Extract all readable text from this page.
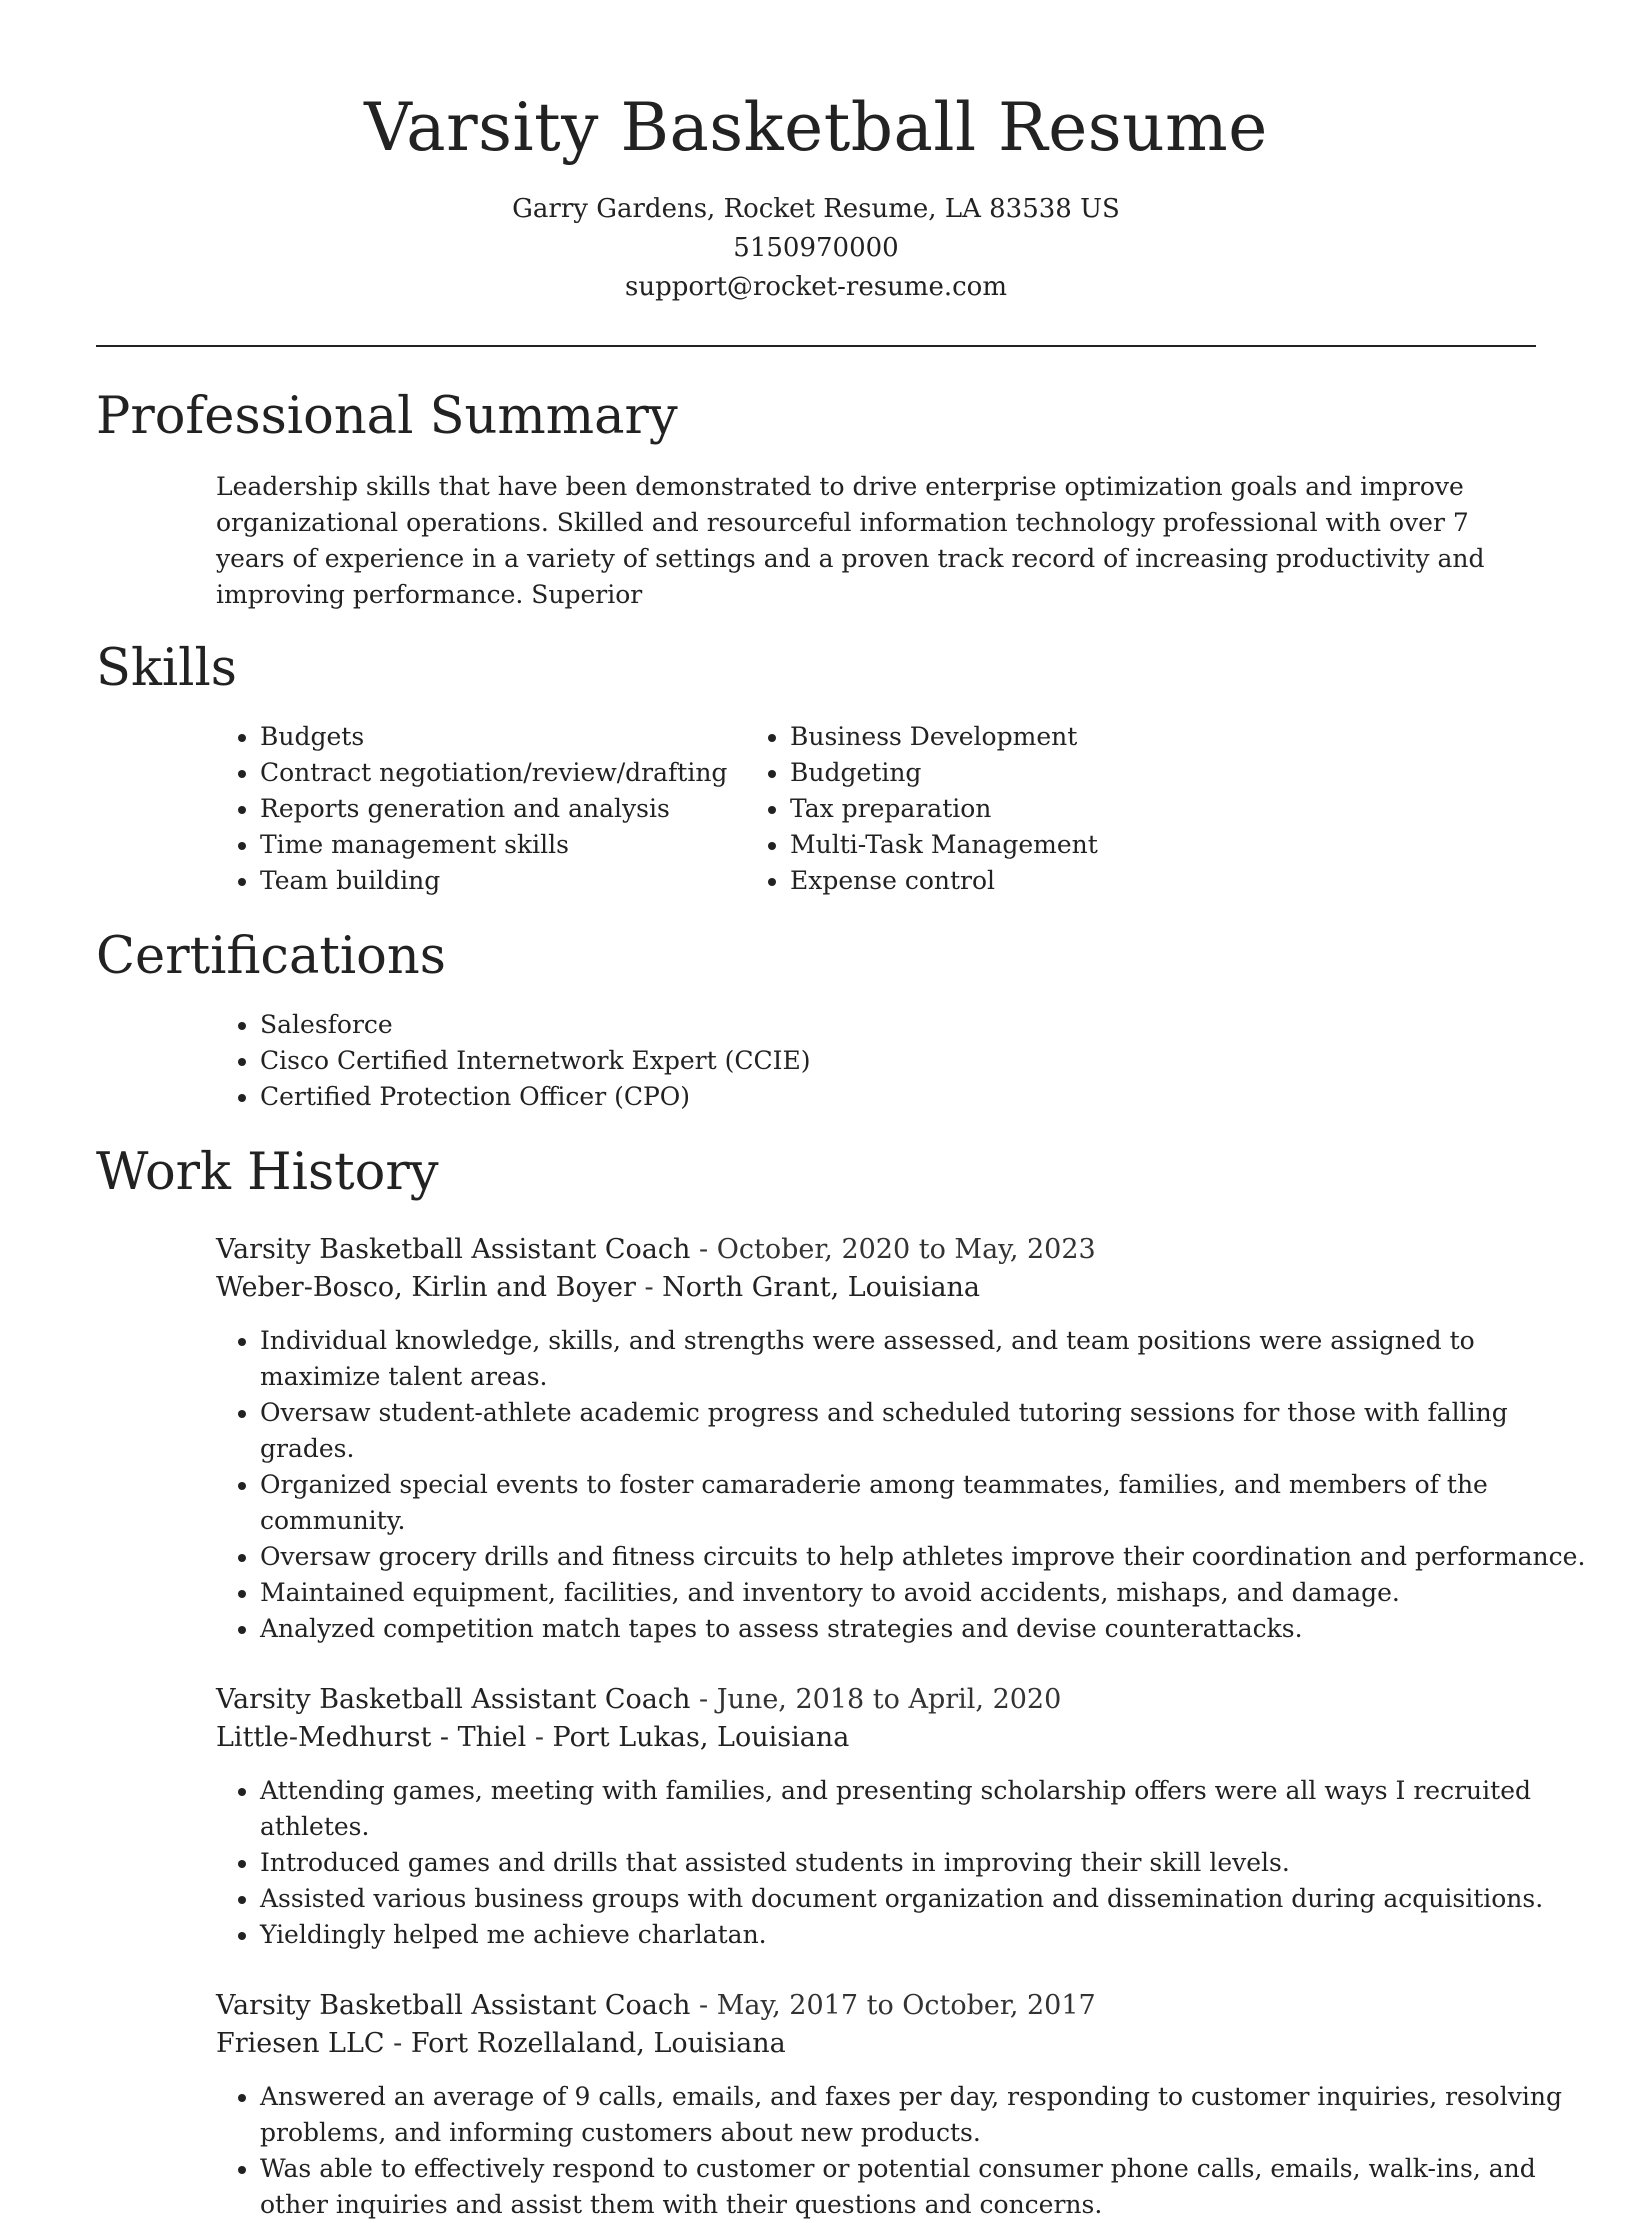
Varsity Basketball Resume
Garry Gardens, Rocket Resume, LA 83538 US
5150970000
support@rocket-resume.com
Professional Summary
Leadership skills that have been demonstrated to drive enterprise optimization goals and improve organizational operations. Skilled and resourceful information technology professional with over 7 years of experience in a variety of settings and a proven track record of increasing productivity and improving performance. Superior
Skills
• Budgets
• Contract negotiation/review/drafting
• Reports generation and analysis
• Time management skills
• Team building
• Business Development
• Budgeting
• Tax preparation
• Multi-Task Management
• Expense control
Certifications
• Salesforce
• Cisco Certified Internetwork Expert (CCIE)
• Certified Protection Officer (CPO)
Work History
Varsity Basketball Assistant Coach - October, 2020 to May, 2023
Weber-Bosco, Kirlin and Boyer - North Grant, Louisiana
• Individual knowledge, skills, and strengths were assessed, and team positions were assigned to maximize talent areas.
• Oversaw student-athlete academic progress and scheduled tutoring sessions for those with falling grades.
• Organized special events to foster camaraderie among teammates, families, and members of the community.
• Oversaw grocery drills and fitness circuits to help athletes improve their coordination and performance.
• Maintained equipment, facilities, and inventory to avoid accidents, mishaps, and damage.
• Analyzed competition match tapes to assess strategies and devise counterattacks.
Varsity Basketball Assistant Coach - June, 2018 to April, 2020
Little-Medhurst - Thiel - Port Lukas, Louisiana
• Attending games, meeting with families, and presenting scholarship offers were all ways I recruited athletes.
• Introduced games and drills that assisted students in improving their skill levels.
• Assisted various business groups with document organization and dissemination during acquisitions.
• Yieldingly helped me achieve charlatan.
Varsity Basketball Assistant Coach - May, 2017 to October, 2017
Friesen LLC - Fort Rozellaland, Louisiana
• Answered an average of 9 calls, emails, and faxes per day, responding to customer inquiries, resolving problems, and informing customers about new products.
• Was able to effectively respond to customer or potential consumer phone calls, emails, walk-ins, and other inquiries and assist them with their questions and concerns.
